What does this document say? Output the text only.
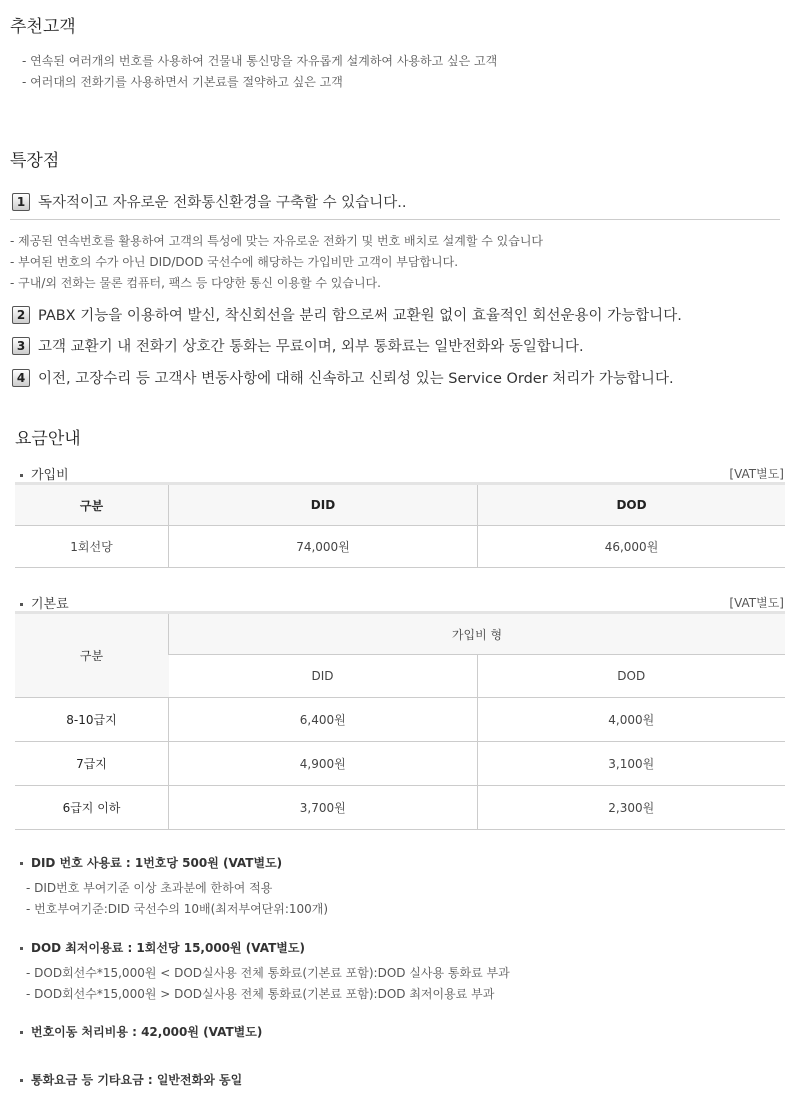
추천고객
- 연속된 여러개의 번호를 사용하여 건물내 통신망을 자유롭게 설계하여 사용하고 싶은 고객
- 여러대의 전화기를 사용하면서 기본료를 절약하고 싶은 고객
특장점
1 독자적이고 자유로운 전화통신환경을 구축할 수 있습니다..
- 제공된 연속번호를 활용하여 고객의 특성에 맞는 자유로운 전화기 및 번호 배치로 설계할 수 있습니다
- 부여된 번호의 수가 아닌 DID/DOD 국선수에 해당하는 가입비만 고객이 부담합니다.
- 구내/외 전화는 물론 컴퓨터, 팩스 등 다양한 통신 이용할 수 있습니다.
2 PABX 기능을 이용하여 발신, 착신회선을 분리 함으로써 교환원 없이 효율적인 회선운용이 가능합니다.
3 고객 교환기 내 전화기 상호간 통화는 무료이며, 외부 통화료는 일반전화와 동일합니다.
4 이전, 고장수리 등 고객사 변동사항에 대해 신속하고 신뢰성 있는 Service Order 처리가 가능합니다.
요금안내
가입비	[VAT별도]
구분	DID	DOD
1회선당	74,000원	46,000원
기본료	[VAT별도]
구분	가입비 형	
	DID	DOD
8-10급지	6,400원	4,000원
7급지	4,900원	3,100원
6급지 이하	3,700원	2,300원
DID 번호 사용료 : 1번호당 500원 (VAT별도)
- DID번호 부여기준 이상 초과분에 한하여 적용
- 번호부여기준:DID 국선수의 10배(최저부여단위:100개)
DOD 최저이용료 : 1회선당 15,000원 (VAT별도)
- DOD회선수*15,000원 < DOD실사용 전체 통화료(기본료 포함):DOD 실사용 통화료 부과
- DOD회선수*15,000원 > DOD실사용 전체 통화료(기본료 포함):DOD 최저이용료 부과
번호이동 처리비용 : 42,000원 (VAT별도)
통화요금 등 기타요금 : 일반전화와 동일
